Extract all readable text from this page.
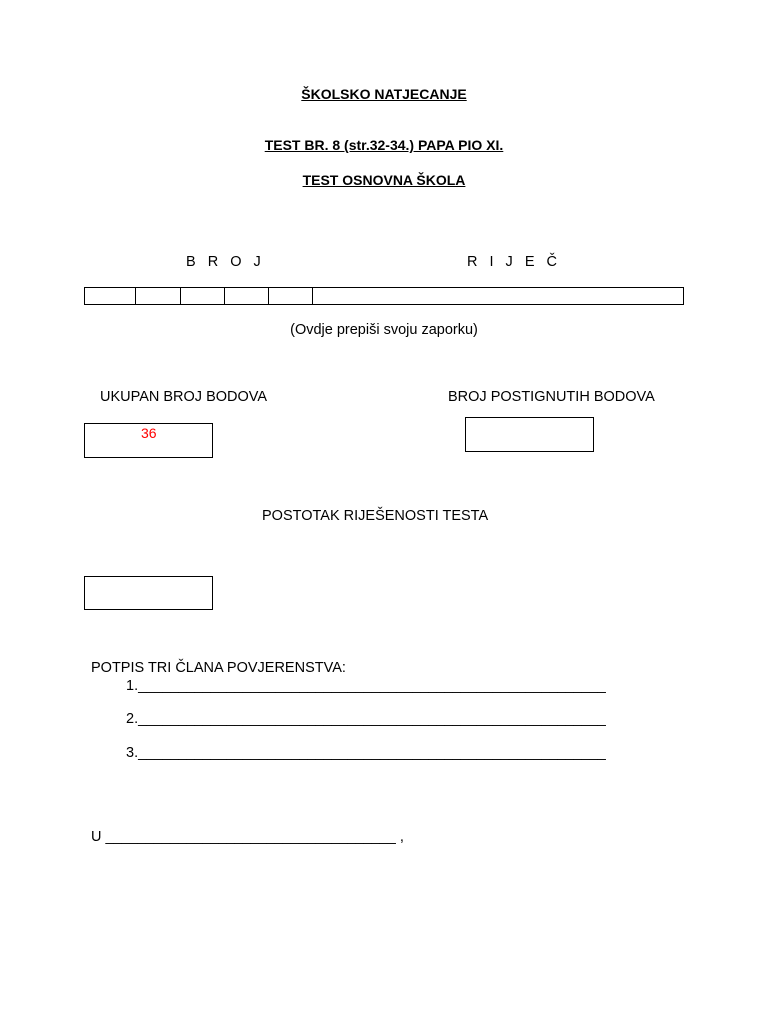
ŠKOLSKO NATJECANJE
TEST BR. 8 (str.32-34.) PAPA PIO XI.
TEST OSNOVNA ŠKOLA
B R O J	R I J E Č
(Ovdje prepiši svoju zaporku)
UKUPAN BROJ BODOVA	BROJ POSTIGNUTIH BODOVA
36
POSTOTAK RIJEŠENOSTI TESTA
POTPIS TRI ČLANA POVJERENSTVA:
1.__________________________________________________________
2.__________________________________________________________
3.__________________________________________________________
U ____________________________________ ,
